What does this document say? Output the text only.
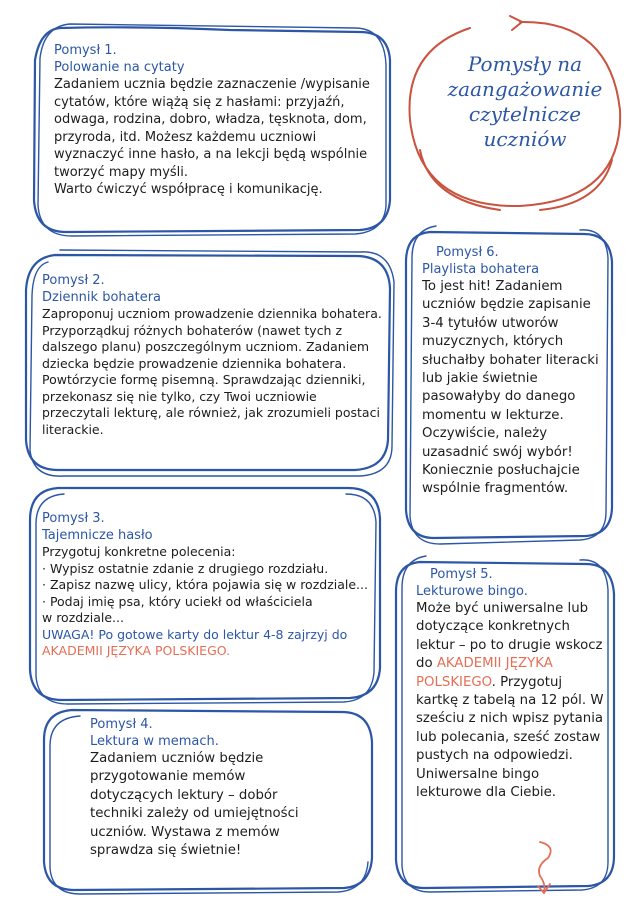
Pomysły na
zaangażowanie
czytelnicze
uczniów

Pomysł 1.

Polowanie na cytaty

Zadaniem ucznia będzie zaznaczenie /wypisanie cytatów, które wiążą się z hasłami: przyjaźń, odwaga, rodzina, dobro, władza, tęsknota, dom, przyroda, itd. Możesz każdemu uczniowi wyznaczyć inne hasło, a na lekcji będą wspólnie tworzyć mapy myśli.

Warto ćwiczyć współpracę i komunikację.

Pomysł 2.

Dziennik bohatera

Zaproponuj uczniom prowadzenie dziennika bohatera. Przyporządkuj różnych bohaterów (nawet tych z dalszego planu) poszczególnym uczniom. Zadaniem dziecka będzie prowadzenie dziennika bohatera. Powtórzycie formę pisemną. Sprawdzając dzienniki, przekonasz się nie tylko, czy Twoi uczniowie przeczytali lekturę, ale również, jak zrozumieli postaci literackie.

Pomysł 3.

Tajemnicze hasło

Przygotuj konkretne polecenia:

· Wypisz ostatnie zdanie z drugiego rozdziału.
· Zapisz nazwę ulicy, która pojawia się w rozdziale...
· Podaj imię psa, który uciekł od właściciela
w rozdziale...

UWAGA! Po gotowe karty do lektur 4-8 zajrzyj do AKADEMII JĘZYKA POLSKIEGO.

Pomysł 4.

Lektura w memach.

Zadaniem uczniów będzie przygotowanie memów dotyczących lektury – dobór techniki zależy od umiejętności uczniów. Wystawa z memów sprawdza się świetnie!

Pomysł 6.

Playlista bohatera

To jest hit! Zadaniem uczniów będzie zapisanie 3-4 tytułów utworów muzycznych, których słuchałby bohater literacki lub jakie świetnie pasowałyby do danego momentu w lekturze. Oczywiście, należy uzasadnić swój wybór! Koniecznie posłuchajcie wspólnie fragmentów.

Pomysł 5.

Lekturowe bingo.

Może być uniwersalne lub dotyczące konkretnych lektur – po to drugie wskocz do AKADEMII JĘZYKA POLSKIEGO. Przygotuj kartkę z tabelą na 12 pól. W sześciu z nich wpisz pytania lub polecania, sześć zostaw pustych na odpowiedzi. Uniwersalne bingo lekturowe dla Ciebie.
